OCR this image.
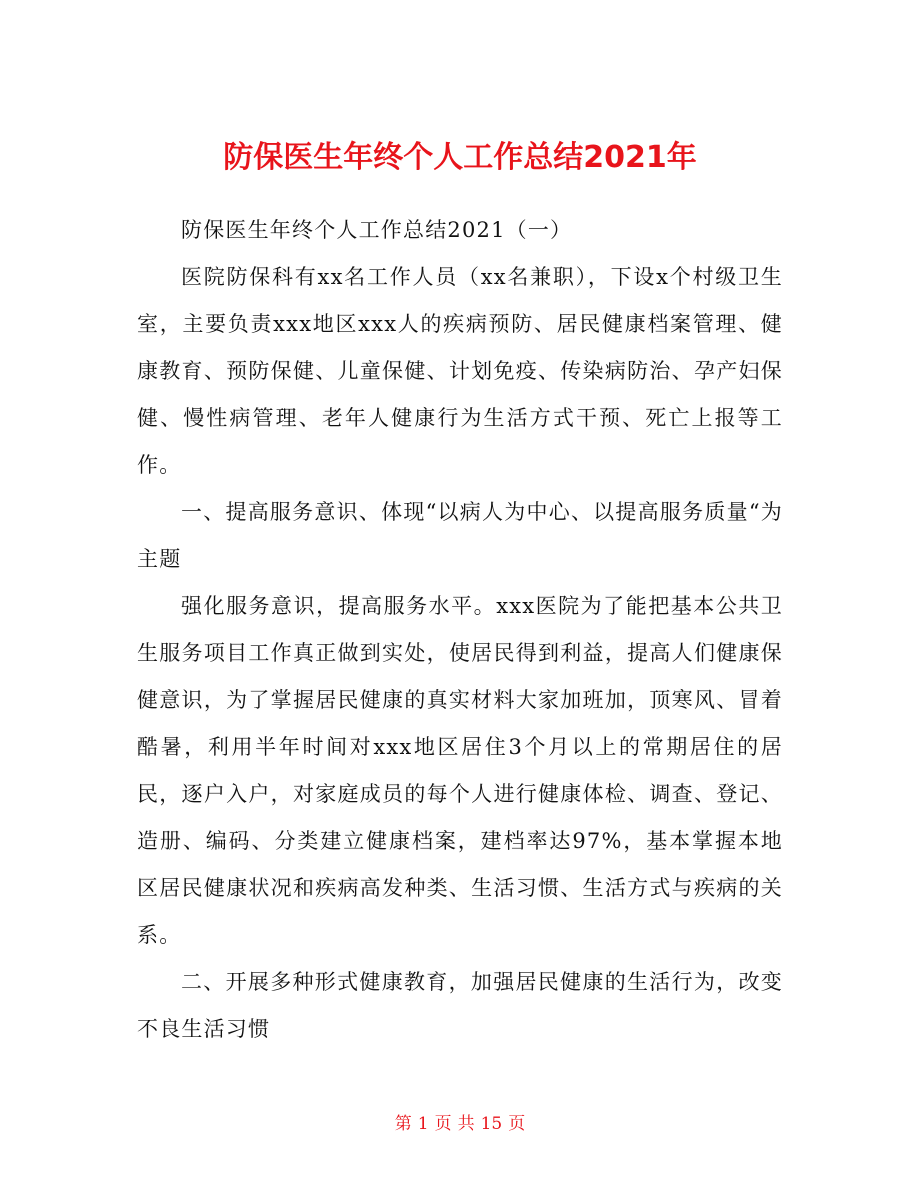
防保医生年终个人工作总结2021年

防保医生年终个人工作总结2021（一）

医院防保科有xx名工作人员（xx名兼职），下设x个村级卫生室，主要负责xxx地区xxx人的疾病预防、居民健康档案管理、健康教育、预防保健、儿童保健、计划免疫、传染病防治、孕产妇保健、慢性病管理、老年人健康行为生活方式干预、死亡上报等工作。

一、提高服务意识、体现“以病人为中心、以提高服务质量“为主题

强化服务意识，提高服务水平。xxx医院为了能把基本公共卫生服务项目工作真正做到实处，使居民得到利益，提高人们健康保健意识，为了掌握居民健康的真实材料大家加班加，顶寒风、冒着酷暑，利用半年时间对xxx地区居住3个月以上的常期居住的居民，逐户入户，对家庭成员的每个人进行健康体检、调查、登记、造册、编码、分类建立健康档案，建档率达97%，基本掌握本地区居民健康状况和疾病高发种类、生活习惯、生活方式与疾病的关系。

二、开展多种形式健康教育，加强居民健康的生活行为，改变不良生活习惯

第 1 页 共 15 页
